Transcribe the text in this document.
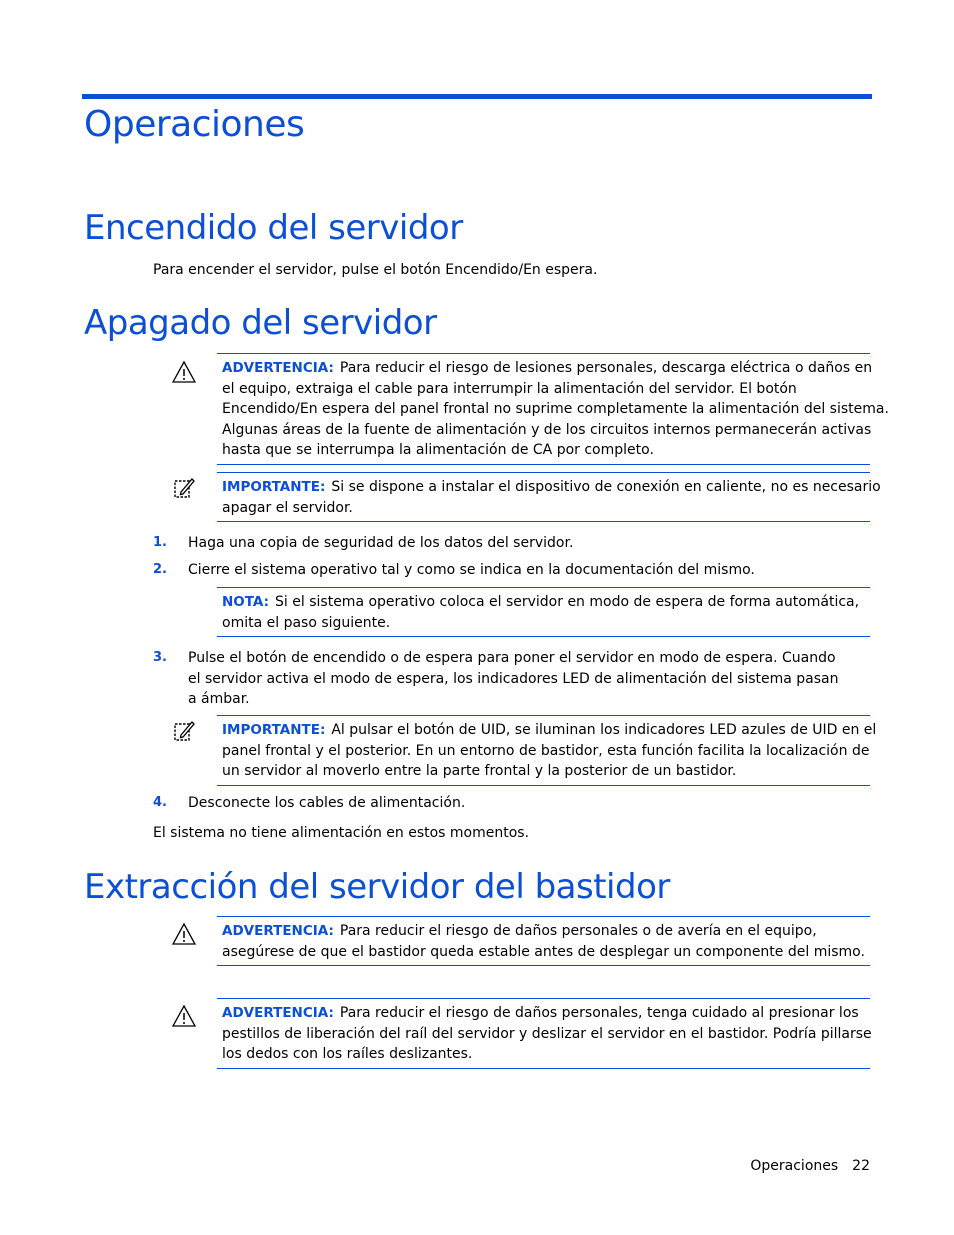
Operaciones
Encendido del servidor

Para encender el servidor, pulse el botón Encendido/En espera.

Apagado del servidor
ADVERTENCIA: Para reducir el riesgo de lesiones personales, descarga eléctrica o daños en
el equipo, extraiga el cable para interrumpir la alimentación del servidor. El botón
Encendido/En espera del panel frontal no suprime completamente la alimentación del sistema.
Algunas áreas de la fuente de alimentación y de los circuitos internos permanecerán activas
hasta que se interrumpa la alimentación de CA por completo.
IMPORTANTE: Si se dispone a instalar el dispositivo de conexión en caliente, no es necesario
apagar el servidor.
1. Haga una copia de seguridad de los datos del servidor.
2. Cierre el sistema operativo tal y como se indica en la documentación del mismo.
NOTA: Si el sistema operativo coloca el servidor en modo de espera de forma automática,
omita el paso siguiente.
3. Pulse el botón de encendido o de espera para poner el servidor en modo de espera. Cuando
el servidor activa el modo de espera, los indicadores LED de alimentación del sistema pasan
a ámbar.
IMPORTANTE: Al pulsar el botón de UID, se iluminan los indicadores LED azules de UID en el
panel frontal y el posterior. En un entorno de bastidor, esta función facilita la localización de
un servidor al moverlo entre la parte frontal y la posterior de un bastidor.
4. Desconecte los cables de alimentación.

El sistema no tiene alimentación en estos momentos.

Extracción del servidor del bastidor
ADVERTENCIA: Para reducir el riesgo de daños personales o de avería en el equipo,
asegúrese de que el bastidor queda estable antes de desplegar un componente del mismo.
ADVERTENCIA: Para reducir el riesgo de daños personales, tenga cuidado al presionar los
pestillos de liberación del raíl del servidor y deslizar el servidor en el bastidor. Podría pillarse
los dedos con los raíles deslizantes.
Operaciones 22
